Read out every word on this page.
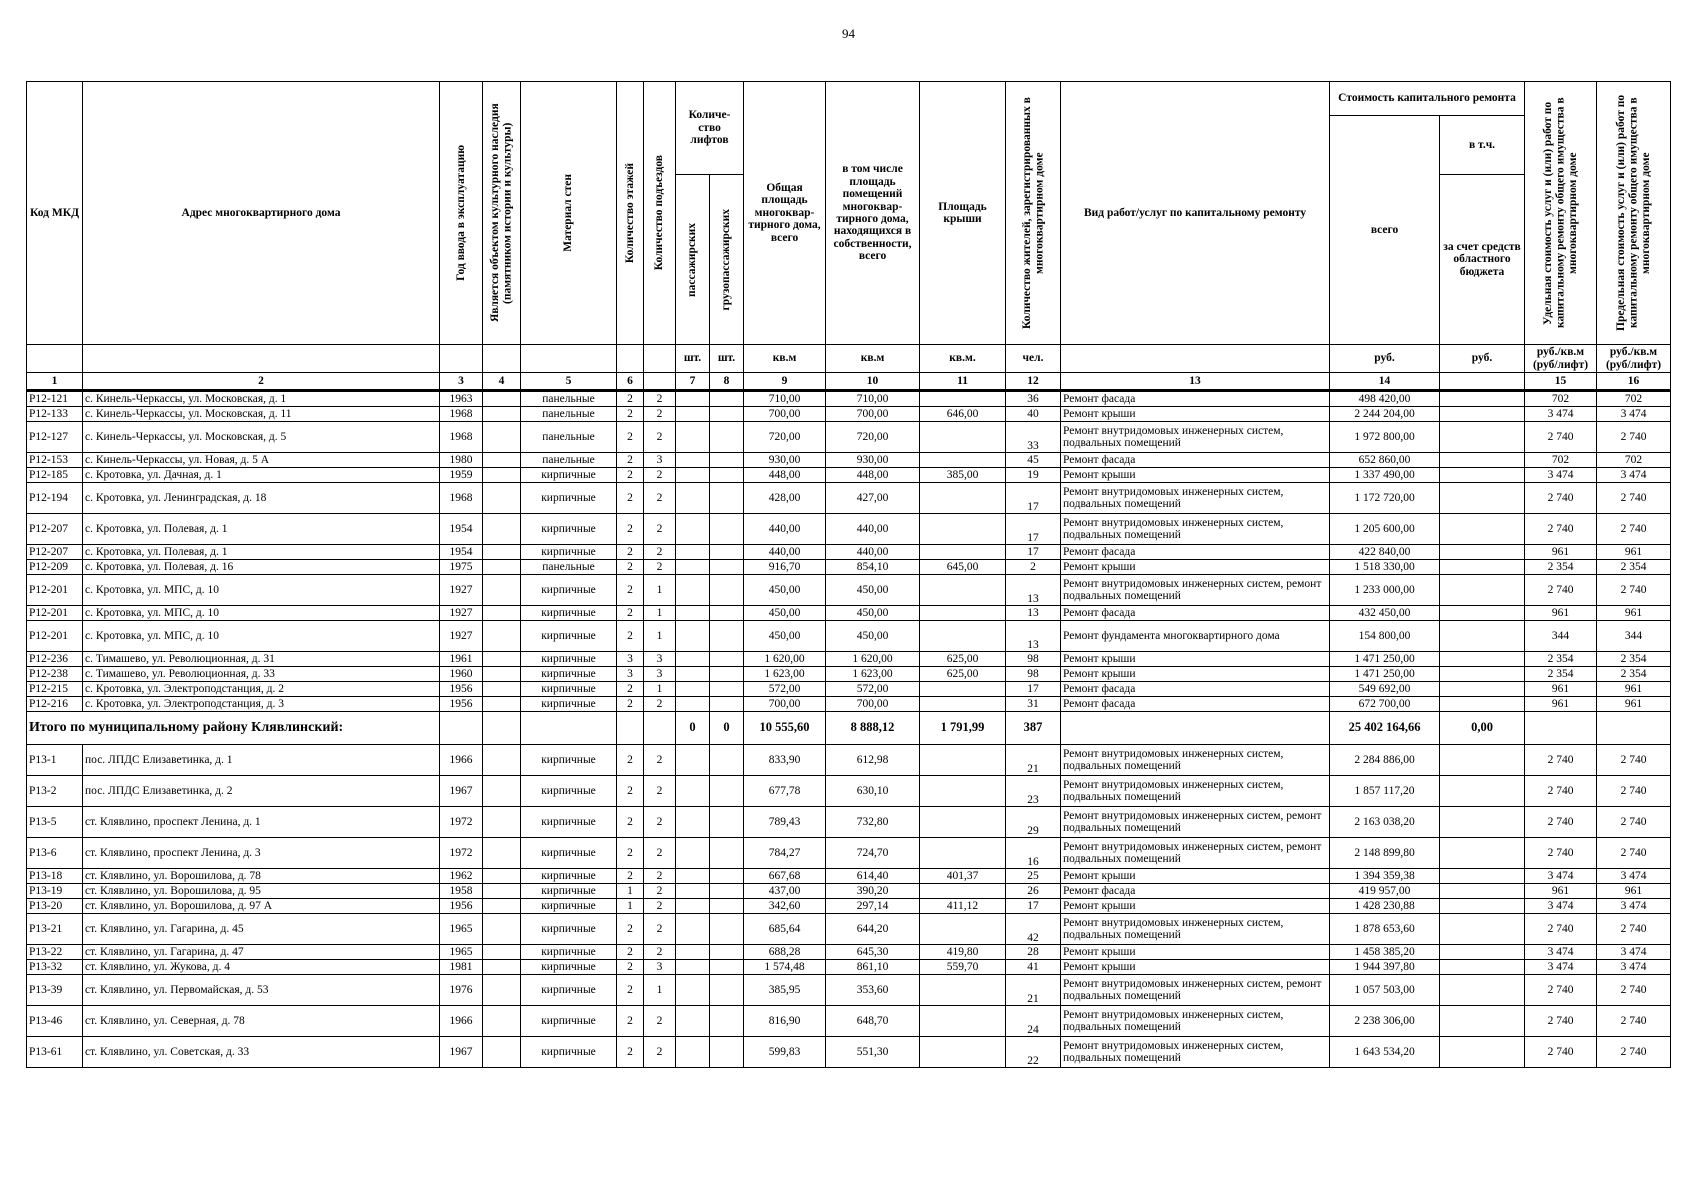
94
Код МКД	Адрес многоквартирного дома	Год ввода в эксплуатацию	Является объектом культурного наследия (памятником истории и культуры)	Материал стен	Количество этажей	Количество подъездов	Количе-ство лифтов		Общая площадь многоквар-тирного дома, всего	в том числе площадь помещений многоквар-тирного дома, находящихся в собственности, всего	Площадь крыши	Количество жителей, зарегистрированных в многоквартирном доме	Вид работ/услуг по капитальному ремонту	Стоимость капитального ремонта		Удельная стоимость услуг и (или) работ по капитальному ремонту общего имущества в многоквартирном доме	Предельная стоимость услуг и (или) работ по капитальному ремонту общего имущества в многоквартирном доме

														всего	в т.ч.		

							пассажирских	грузопассажирских							за счет средств областного бюджета		
							шт.	шт.	кв.м	кв.м	кв.м.	чел.		руб.	руб.	руб./кв.м (руб/лифт)	руб./кв.м (руб/лифт)
1	2	3	4	5	6		7	8	9	10	11	12	13	14		15	16
Р12-121	с. Кинель-Черкассы, ул. Московская, д. 1	1963		панельные	2	2			710,00	710,00		36	Ремонт фасада	498 420,00		702	702
Р12-133	с. Кинель-Черкассы, ул. Московская, д. 11	1968		панельные	2	2			700,00	700,00	646,00	40	Ремонт крыши	2 244 204,00		3 474	3 474
Р12-127	с. Кинель-Черкассы, ул. Московская, д. 5	1968		панельные	2	2			720,00	720,00		33	Ремонт внутридомовых инженерных систем, подвальных помещений	1 972 800,00		2 740	2 740
Р12-153	с. Кинель-Черкассы, ул. Новая, д. 5 А	1980		панельные	2	3			930,00	930,00		45	Ремонт фасада	652 860,00		702	702
Р12-185	с. Кротовка, ул. Дачная, д. 1	1959		кирпичные	2	2			448,00	448,00	385,00	19	Ремонт крыши	1 337 490,00		3 474	3 474
Р12-194	с. Кротовка, ул. Ленинградская, д. 18	1968		кирпичные	2	2			428,00	427,00		17	Ремонт внутридомовых инженерных систем, подвальных помещений	1 172 720,00		2 740	2 740
Р12-207	с. Кротовка, ул. Полевая, д. 1	1954		кирпичные	2	2			440,00	440,00		17	Ремонт внутридомовых инженерных систем, подвальных помещений	1 205 600,00		2 740	2 740
Р12-207	с. Кротовка, ул. Полевая, д. 1	1954		кирпичные	2	2			440,00	440,00		17	Ремонт фасада	422 840,00		961	961
Р12-209	с. Кротовка, ул. Полевая, д. 16	1975		панельные	2	2			916,70	854,10	645,00	2	Ремонт крыши	1 518 330,00		2 354	2 354
Р12-201	с. Кротовка, ул. МПС, д. 10	1927		кирпичные	2	1			450,00	450,00		13	Ремонт внутридомовых инженерных систем, ремонт подвальных помещений	1 233 000,00		2 740	2 740
Р12-201	с. Кротовка, ул. МПС, д. 10	1927		кирпичные	2	1			450,00	450,00		13	Ремонт фасада	432 450,00		961	961
Р12-201	с. Кротовка, ул. МПС, д. 10	1927		кирпичные	2	1			450,00	450,00		13	Ремонт фундамента многоквартирного дома	154 800,00		344	344
Р12-236	с. Тимашево, ул. Революционная, д. 31	1961		кирпичные	3	3			1 620,00	1 620,00	625,00	98	Ремонт крыши	1 471 250,00		2 354	2 354
Р12-238	с. Тимашево, ул. Революционная, д. 33	1960		кирпичные	3	3			1 623,00	1 623,00	625,00	98	Ремонт крыши	1 471 250,00		2 354	2 354
Р12-215	с. Кротовка, ул. Электроподстанция, д. 2	1956		кирпичные	2	1			572,00	572,00		17	Ремонт фасада	549 692,00		961	961
Р12-216	с. Кротовка, ул. Электроподстанция, д. 3	1956		кирпичные	2	2			700,00	700,00		31	Ремонт фасада	672 700,00		961	961
Итого по муниципальному району Клявлинский:							0	0	10 555,60	8 888,12	1 791,99	387		25 402 164,66	0,00		
Р13-1	пос. ЛПДС Елизаветинка, д. 1	1966		кирпичные	2	2			833,90	612,98		21	Ремонт внутридомовых инженерных систем, подвальных помещений	2 284 886,00		2 740	2 740
Р13-2	пос. ЛПДС Елизаветинка, д. 2	1967		кирпичные	2	2			677,78	630,10		23	Ремонт внутридомовых инженерных систем, подвальных помещений	1 857 117,20		2 740	2 740
Р13-5	ст. Клявлино, проспект Ленина, д. 1	1972		кирпичные	2	2			789,43	732,80		29	Ремонт внутридомовых инженерных систем, ремонт подвальных помещений	2 163 038,20		2 740	2 740
Р13-6	ст. Клявлино, проспект Ленина, д. 3	1972		кирпичные	2	2			784,27	724,70		16	Ремонт внутридомовых инженерных систем, ремонт подвальных помещений	2 148 899,80		2 740	2 740
Р13-18	ст. Клявлино, ул. Ворошилова, д. 78	1962		кирпичные	2	2			667,68	614,40	401,37	25	Ремонт крыши	1 394 359,38		3 474	3 474
Р13-19	ст. Клявлино, ул. Ворошилова, д. 95	1958		кирпичные	1	2			437,00	390,20		26	Ремонт фасада	419 957,00		961	961
Р13-20	ст. Клявлино, ул. Ворошилова, д. 97 А	1956		кирпичные	1	2			342,60	297,14	411,12	17	Ремонт крыши	1 428 230,88		3 474	3 474
Р13-21	ст. Клявлино, ул. Гагарина, д. 45	1965		кирпичные	2	2			685,64	644,20		42	Ремонт внутридомовых инженерных систем, подвальных помещений	1 878 653,60		2 740	2 740
Р13-22	ст. Клявлино, ул. Гагарина, д. 47	1965		кирпичные	2	2			688,28	645,30	419,80	28	Ремонт крыши	1 458 385,20		3 474	3 474
Р13-32	ст. Клявлино, ул. Жукова, д. 4	1981		кирпичные	2	3			1 574,48	861,10	559,70	41	Ремонт крыши	1 944 397,80		3 474	3 474
Р13-39	ст. Клявлино, ул. Первомайская, д. 53	1976		кирпичные	2	1			385,95	353,60		21	Ремонт внутридомовых инженерных систем, ремонт подвальных помещений	1 057 503,00		2 740	2 740
Р13-46	ст. Клявлино, ул. Северная, д. 78	1966		кирпичные	2	2			816,90	648,70		24	Ремонт внутридомовых инженерных систем, подвальных помещений	2 238 306,00		2 740	2 740
Р13-61	ст. Клявлино, ул. Советская, д. 33	1967		кирпичные	2	2			599,83	551,30		22	Ремонт внутридомовых инженерных систем, подвальных помещений	1 643 534,20		2 740	2 740
